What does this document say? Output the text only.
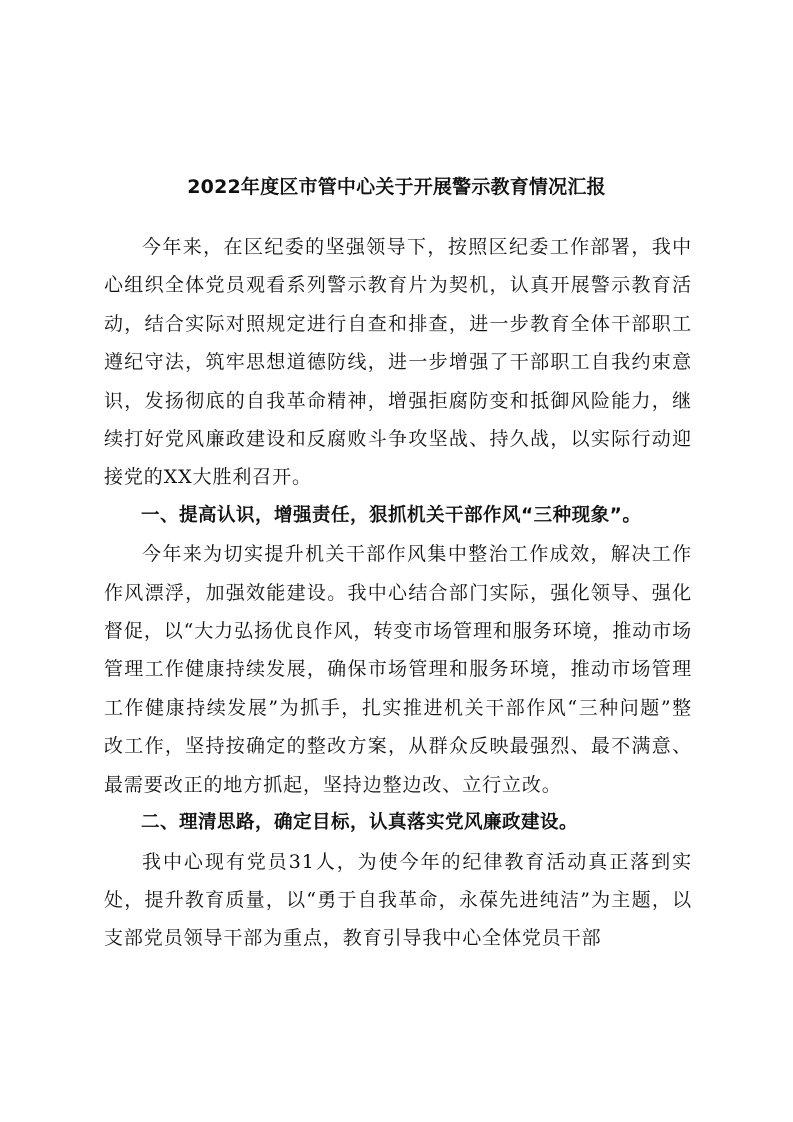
2022年度区市管中心关于开展警示教育情况汇报

今年来，在区纪委的坚强领导下，按照区纪委工作部署，我中心组织全体党员观看系列警示教育片为契机，认真开展警示教育活动，结合实际对照规定进行自查和排查，进一步教育全体干部职工遵纪守法，筑牢思想道德防线，进一步增强了干部职工自我约束意识，发扬彻底的自我革命精神，增强拒腐防变和抵御风险能力，继续打好党风廉政建设和反腐败斗争攻坚战、持久战，以实际行动迎接党的XX大胜利召开。

一、提高认识，增强责任，狠抓机关干部作风“三种现象”。

今年来为切实提升机关干部作风集中整治工作成效，解决工作作风漂浮，加强效能建设。我中心结合部门实际，强化领导、强化督促，以“大力弘扬优良作风，转变市场管理和服务环境，推动市场管理工作健康持续发展，确保市场管理和服务环境，推动市场管理工作健康持续发展”为抓手，扎实推进机关干部作风“三种问题”整改工作，坚持按确定的整改方案，从群众反映最强烈、最不满意、最需要改正的地方抓起，坚持边整边改、立行立改。

二、理清思路，确定目标，认真落实党风廉政建设。

我中心现有党员31人，为使今年的纪律教育活动真正落到实处，提升教育质量，以“勇于自我革命，永葆先进纯洁”为主题，以支部党员领导干部为重点，教育引导我中心全体党员干部
